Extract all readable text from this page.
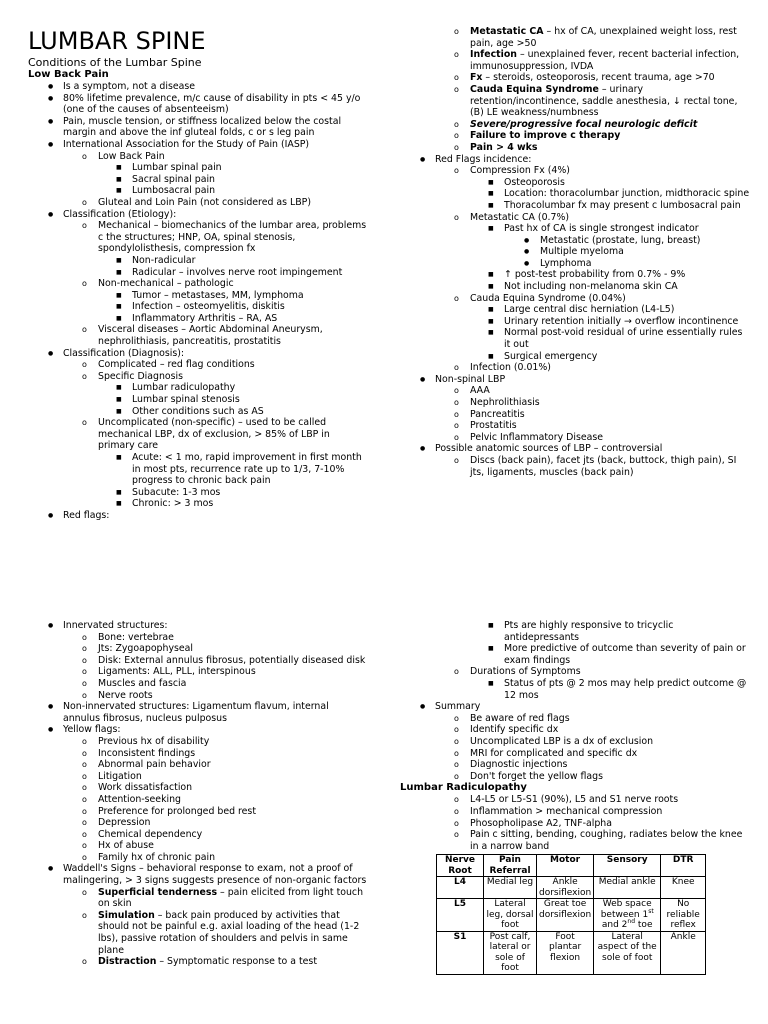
LUMBAR SPINE
Conditions of the Lumbar Spine
Low Back Pain
● Is a symptom, not a disease
● 80% lifetime prevalence, m/c cause of disability in pts < 45 y/o (one of the causes of absenteeism)
● Pain, muscle tension, or stiffness localized below the costal margin and above the inf gluteal folds, c or s leg pain
● International Association for the Study of Pain (IASP)
o Low Back Pain
■ Lumbar spinal pain
■ Sacral spinal pain
■ Lumbosacral pain
o Gluteal and Loin Pain (not considered as LBP)
● Classification (Etiology):
o Mechanical – biomechanics of the lumbar area, problems c the structures; HNP, OA, spinal stenosis, spondylolisthesis, compression fx
■ Non-radicular
■ Radicular – involves nerve root impingement
o Non-mechanical – pathologic
■ Tumor – metastases, MM, lymphoma
■ Infection – osteomyelitis, diskitis
■ Inflammatory Arthritis – RA, AS
o Visceral diseases – Aortic Abdominal Aneurysm, nephrolithiasis, pancreatitis, prostatitis
● Classification (Diagnosis):
o Complicated – red flag conditions
o Specific Diagnosis
■ Lumbar radiculopathy
■ Lumbar spinal stenosis
■ Other conditions such as AS
o Uncomplicated (non-specific) – used to be called mechanical LBP, dx of exclusion, > 85% of LBP in primary care
■ Acute: < 1 mo, rapid improvement in first month in most pts, recurrence rate up to 1/3, 7-10% progress to chronic back pain
■ Subacute: 1-3 mos
■ Chronic: > 3 mos
● Red flags:
o Metastatic CA – hx of CA, unexplained weight loss, rest pain, age >50
o Infection – unexplained fever, recent bacterial infection, immunosuppression, IVDA
o Fx – steroids, osteoporosis, recent trauma, age >70
o Cauda Equina Syndrome – urinary retention/incontinence, saddle anesthesia, ↓ rectal tone, (B) LE weakness/numbness
o Severe/progressive focal neurologic deficit
o Failure to improve c therapy
o Pain > 4 wks
● Red Flags incidence:
o Compression Fx (4%)
■ Osteoporosis
■ Location: thoracolumbar junction, midthoracic spine
■ Thoracolumbar fx may present c lumbosacral pain
o Metastatic CA (0.7%)
■ Past hx of CA is single strongest indicator
● Metastatic (prostate, lung, breast)
● Multiple myeloma
● Lymphoma
■ ↑ post-test probability from 0.7% - 9%
■ Not including non-melanoma skin CA
o Cauda Equina Syndrome (0.04%)
■ Large central disc herniation (L4-L5)
■ Urinary retention initially → overflow incontinence
■ Normal post-void residual of urine essentially rules it out
■ Surgical emergency
o Infection (0.01%)
● Non-spinal LBP
o AAA
o Nephrolithiasis
o Pancreatitis
o Prostatitis
o Pelvic Inflammatory Disease
● Possible anatomic sources of LBP – controversial
o Discs (back pain), facet jts (back, buttock, thigh pain), SI jts, ligaments, muscles (back pain)
● Innervated structures:
o Bone: vertebrae
o Jts: Zygoapophyseal
o Disk: External annulus fibrosus, potentially diseased disk
o Ligaments: ALL, PLL, interspinous
o Muscles and fascia
o Nerve roots
● Non-innervated structures: Ligamentum flavum, internal annulus fibrosus, nucleus pulposus
● Yellow flags:
o Previous hx of disability
o Inconsistent findings
o Abnormal pain behavior
o Litigation
o Work dissatisfaction
o Attention-seeking
o Preference for prolonged bed rest
o Depression
o Chemical dependency
o Hx of abuse
o Family hx of chronic pain
● Waddell's Signs – behavioral response to exam, not a proof of malingering, > 3 signs suggests presence of non-organic factors
o Superficial tenderness – pain elicited from light touch on skin
o Simulation – back pain produced by activities that should not be painful e.g. axial loading of the head (1-2 lbs), passive rotation of shoulders and pelvis in same plane
o Distraction – Symptomatic response to a test
■ Pts are highly responsive to tricyclic antidepressants
■ More predictive of outcome than severity of pain or exam findings
o Durations of Symptoms
■ Status of pts @ 2 mos may help predict outcome @ 12 mos
● Summary
o Be aware of red flags
o Identify specific dx
o Uncomplicated LBP is a dx of exclusion
o MRI for complicated and specific dx
o Diagnostic injections
o Don't forget the yellow flags
Lumbar Radiculopathy
o L4-L5 or L5-S1 (90%), L5 and S1 nerve roots
o Inflammation > mechanical compression
o Phosopholipase A2, TNF-alpha
o Pain c sitting, bending, coughing, radiates below the knee in a narrow band
Nerve Root	Pain Referral	Motor	Sensory	DTR
L4	Medial leg	Ankle dorsiflexion	Medial ankle	Knee
L5	Lateral leg, dorsal foot	Great toe dorsiflexion	Web space between 1st and 2nd toe	No reliable reflex
S1	Post calf, lateral or sole of foot	Foot plantar flexion	Lateral aspect of the sole of foot	Ankle
